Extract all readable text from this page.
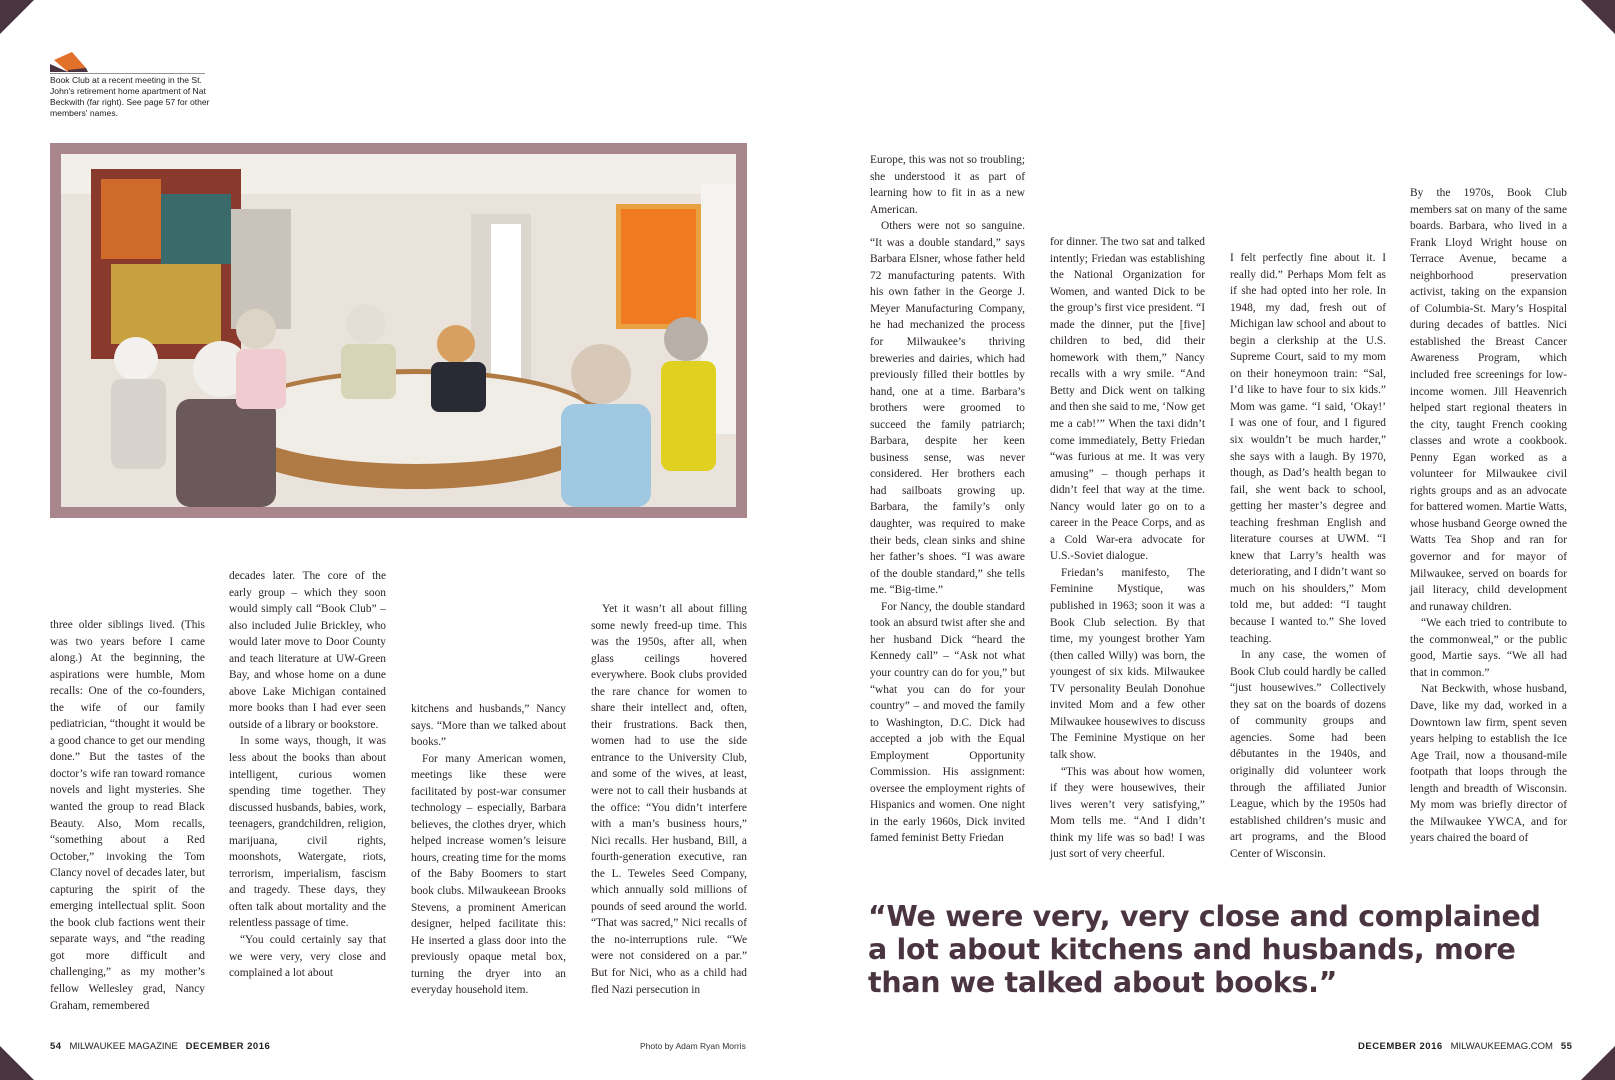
Book Club at a recent meeting in the St. John's retirement home apartment of Nat Beckwith (far right). See page 57 for other members' names.

three older siblings lived. (This was two years before I came along.) At the beginning, the aspirations were humble, Mom recalls: One of the co-founders, the wife of our family pediatrician, “thought it would be a good chance to get our mending done.” But the tastes of the doctor’s wife ran toward romance novels and light mysteries. She wanted the group to read Black Beauty. Also, Mom recalls, “something about a Red October,” invoking the Tom Clancy novel of decades later, but capturing the spirit of the emerging intellectual split. Soon the book club factions went their separate ways, and “the reading got more difficult and challenging,” as my mother’s fellow Wellesley grad, Nancy Graham, remembered

decades later. The core of the early group – which they soon would simply call “Book Club” – also included Julie Brickley, who would later move to Door County and teach literature at UW-Green Bay, and whose home on a dune above Lake Michigan contained more books than I had ever seen outside of a library or bookstore.

In some ways, though, it was less about the books than about intelligent, curious women spending time together. They discussed husbands, babies, work, teenagers, grandchildren, religion, marijuana, civil rights, moonshots, Watergate, riots, terrorism, imperialism, fascism and tragedy. These days, they often talk about mortality and the relentless passage of time.

“You could certainly say that we were very, very close and complained a lot about

kitchens and husbands,” Nancy says. “More than we talked about books.”

For many American women, meetings like these were facilitated by post-war consumer technology – especially, Barbara believes, the clothes dryer, which helped increase women’s leisure hours, creating time for the moms of the Baby Boomers to start book clubs. Milwaukeean Brooks Stevens, a prominent American designer, helped facilitate this: He inserted a glass door into the previously opaque metal box, turning the dryer into an everyday household item.

Yet it wasn’t all about filling some newly freed-up time. This was the 1950s, after all, when glass ceilings hovered everywhere. Book clubs provided the rare chance for women to share their intellect and, often, their frustrations. Back then, women had to use the side entrance to the University Club, and some of the wives, at least, were not to call their husbands at the office: “You didn’t interfere with a man’s business hours,” Nici recalls. Her husband, Bill, a fourth-generation executive, ran the L. Teweles Seed Company, which annually sold millions of pounds of seed around the world. “That was sacred,” Nici recalls of the no-interruptions rule. “We were not considered on a par.” But for Nici, who as a child had fled Nazi persecution in

Europe, this was not so troubling; she understood it as part of learning how to fit in as a new American.

Others were not so sanguine. “It was a double standard,” says Barbara Elsner, whose father held 72 manufacturing patents. With his own father in the George J. Meyer Manufacturing Company, he had mechanized the process for Milwaukee’s thriving breweries and dairies, which had previously filled their bottles by hand, one at a time. Barbara’s brothers were groomed to succeed the family patriarch; Barbara, despite her keen business sense, was never considered. Her brothers each had sailboats growing up. Barbara, the family’s only daughter, was required to make their beds, clean sinks and shine her father’s shoes. “I was aware of the double standard,” she tells me. “Big-time.”

For Nancy, the double standard took an absurd twist after she and her husband Dick “heard the Kennedy call” – “Ask not what your country can do for you,” but “what you can do for your country” – and moved the family to Washington, D.C. Dick had accepted a job with the Equal Employment Opportunity Commission. His assignment: oversee the employment rights of Hispanics and women. One night in the early 1960s, Dick invited famed feminist Betty Friedan

for dinner. The two sat and talked intently; Friedan was establishing the National Organization for Women, and wanted Dick to be the group’s first vice president. “I made the dinner, put the [five] children to bed, did their homework with them,” Nancy recalls with a wry smile. “And Betty and Dick went on talking and then she said to me, ‘Now get me a cab!’” When the taxi didn’t come immediately, Betty Friedan “was furious at me. It was very amusing” – though perhaps it didn’t feel that way at the time. Nancy would later go on to a career in the Peace Corps, and as a Cold War-era advocate for U.S.-Soviet dialogue.

Friedan’s manifesto, The Feminine Mystique, was published in 1963; soon it was a Book Club selection. By that time, my youngest brother Yam (then called Willy) was born, the youngest of six kids. Milwaukee TV personality Beulah Donohue invited Mom and a few other Milwaukee housewives to discuss The Feminine Mystique on her talk show.

“This was about how women, if they were housewives, their lives weren’t very satisfying,” Mom tells me. “And I didn’t think my life was so bad! I was just sort of very cheerful.

I felt perfectly fine about it. I really did.” Perhaps Mom felt as if she had opted into her role. In 1948, my dad, fresh out of Michigan law school and about to begin a clerkship at the U.S. Supreme Court, said to my mom on their honeymoon train: “Sal, I’d like to have four to six kids.” Mom was game. “I said, ‘Okay!’ I was one of four, and I figured six wouldn’t be much harder,” she says with a laugh. By 1970, though, as Dad’s health began to fail, she went back to school, getting her master’s degree and teaching freshman English and literature courses at UWM. “I knew that Larry’s health was deteriorating, and I didn’t want so much on his shoulders,” Mom told me, but added: “I taught because I wanted to.” She loved teaching.

In any case, the women of Book Club could hardly be called “just housewives.” Collectively they sat on the boards of dozens of community groups and agencies. Some had been débutantes in the 1940s, and originally did volunteer work through the affiliated Junior League, which by the 1950s had established children’s music and art programs, and the Blood Center of Wisconsin.

By the 1970s, Book Club members sat on many of the same boards. Barbara, who lived in a Frank Lloyd Wright house on Terrace Avenue, became a neighborhood preservation activist, taking on the expansion of Columbia-St. Mary’s Hospital during decades of battles. Nici established the Breast Cancer Awareness Program, which included free screenings for low-income women. Jill Heavenrich helped start regional theaters in the city, taught French cooking classes and wrote a cookbook. Penny Egan worked as a volunteer for Milwaukee civil rights groups and as an advocate for battered women. Martie Watts, whose husband George owned the Watts Tea Shop and ran for governor and for mayor of Milwaukee, served on boards for jail literacy, child development and runaway children.

“We each tried to contribute to the commonweal,” or the public good, Martie says. “We all had that in common.”

Nat Beckwith, whose husband, Dave, like my dad, worked in a Downtown law firm, spent seven years helping to establish the Ice Age Trail, now a thousand-mile footpath that loops through the length and breadth of Wisconsin. My mom was briefly director of the Milwaukee YWCA, and for years chaired the board of

“We were very, very close and complained a lot about kitchens and husbands, more than we talked about books.”
54 MILWAUKEE MAGAZINE DECEMBER 2016	Photo by Adam Ryan Morris	DECEMBER 2016 MILWAUKEEMAG.COM 55
